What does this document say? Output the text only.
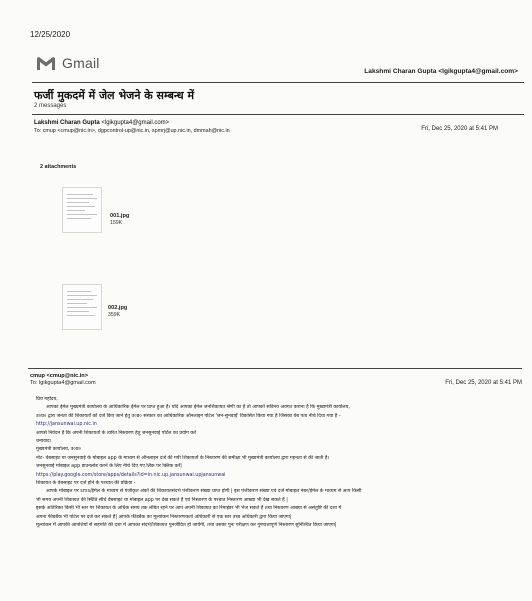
12/25/2020
Gmail
Lakshmi Charan Gupta <lgikgupta4@gmail.com>
फर्जी मुकदमें में जेल भेजने के सम्बन्ध में
2 messages
Lakshmi Charan Gupta <lgikgupta4@gmail.com>
To: cmup <cmup@nic.in>, dgpcontrol-up@nic.in, spmrj@up.nic.in, dmmah@nic.in	Fri, Dec 25, 2020 at 5:41 PM
2 attachments
001.jpg
159K
002.jpg
359K
cmup <cmup@nic.in>
To: lgikgupta4@gmail.com	Fri, Dec 25, 2020 at 5:41 PM
प्रिय महोदय,
आपका ईमेल मुख्यमंत्री कार्यालय के आधिकारिक ईमेल पर प्राप्त हुआ है। यदि आपका ईमेल जनशिकायत श्रेणी का है तो आपको सविनय अवगत कराना है कि मुख्यमंत्री कार्यालय,
उ०प्र० द्वारा जनता की शिकायतों को दर्ज किए जाने हेतु उ०प्र० सरकार का आधिकारिक ऑनलाइन पोर्टल 'जन-सुनवाई' विकसित किया गया है जिसका वेब पता नीचे दिया गया है -
http://jansunwai.up.nic.in
आपसे निवेदन है कि अपनी शिकायतों के त्वरित निस्तारण हेतु जनसुनवाई पोर्टल का प्रयोग करें
धन्यवाद।
मुख्यमंत्री कार्यालय, उ०प्र०
नोट- वेबसाइट या जनसुनवाई के मोबाइल app के माध्यम से ऑनलाइन दर्ज की गयी शिकायतों के निस्तारण की समीक्षा भी मुख्यमंत्री कार्यालय द्वारा गहनता से की जाती है।
जनसुनवाई मोबाइल app डाउनलोड करने के लिए नीचे दिए गए लिंक पर क्लिक करें|
https://play.google.com/store/apps/details?id=in.nic.up.jansunwai.upjansunwai
शिकायत के वेबसाइट पर दर्ज होने के पश्चात की प्रक्रिया -
आपके मोबाइल पर sms/ईमेल के माध्यम से पंजीकृत अंकों की शिकायतसंदर्भ पंजीकरण संख्या प्राप्त होगी | इस पंजीकरण संख्या एवं दर्ज मोबाइल नंबर/ईमेल के माध्यम से आप किसी
भी समय अपनी शिकायत की स्थिति सीधे वेबसाइट या मोबाइल app पर देख सकते हैं एवं निस्तारण के पश्चात निस्तारण आख्या भी देख सकते हैं |
इसके अतिरिक्त किसी भी स्तर पर शिकायत के अधिक समय तक लंबित रहने पर आप अपनी शिकायत का रिमाइंडर भी भेज सकते हैं तथा निस्तारण आख्या से असंतुष्टि की दशा में
अपना फीडबैक भी पोर्टल पर दर्ज कर सकते हैं| आपके फीडबैक का मूल्यांकन निस्तारणकर्ता अधिकारी से एक स्तर उच्च अधिकारी द्वारा किया जाएगा|
मूल्यांकन में आपकी आपत्तियों से सहमति की दशा में आपका संदर्भ/शिकायत पुनर्जीवित हो जायेगी, तथा उसका पुनः परीक्षण कर गुणवत्तापूर्ण निस्तारण सुनिश्चित किया जाएगा|
